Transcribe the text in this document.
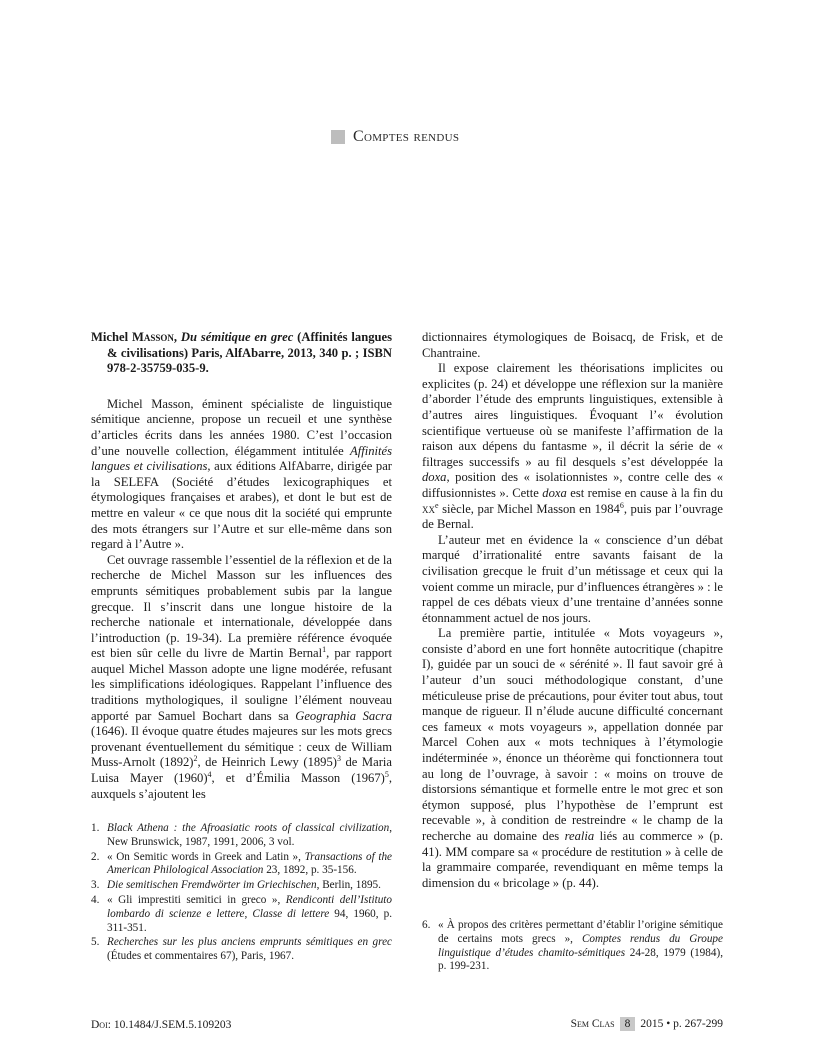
Comptes rendus

Michel Masson, Du sémitique en grec (Affinités langues & civilisations) Paris, AlfAbarre, 2013, 340 p. ; ISBN 978-2-35759-035-9.

Michel Masson, éminent spécialiste de linguistique sémitique ancienne, propose un recueil et une synthèse d’articles écrits dans les années 1980. C’est l’occasion d’une nouvelle collection, élégamment intitulée Affinités langues et civilisations, aux éditions AlfAbarre, dirigée par la SELEFA (Société d’études lexicographiques et étymologiques françaises et arabes), et dont le but est de mettre en valeur « ce que nous dit la société qui emprunte des mots étrangers sur l’Autre et sur elle-même dans son regard à l’Autre ».

Cet ouvrage rassemble l’essentiel de la réflexion et de la recherche de Michel Masson sur les influences des emprunts sémitiques probablement subis par la langue grecque. Il s’inscrit dans une longue histoire de la recherche nationale et internationale, développée dans l’introduction (p. 19-34). La première référence évoquée est bien sûr celle du livre de Martin Bernal$^1$, par rapport auquel Michel Masson adopte une ligne modérée, refusant les simplifications idéologiques. Rappelant l’influence des traditions mythologiques, il souligne l’élément nouveau apporté par Samuel Bochart dans sa Geographia Sacra (1646). Il évoque quatre études majeures sur les mots grecs provenant éventuellement du sémitique : ceux de William Muss-Arnolt $(1892)^2$, de Heinrich Lewy $(1895)^3$ de Maria Luisa Mayer $(1960)^4$, et d’Émilia Masson $(1967)^5$, auxquels s’ajoutent les

dictionnaires étymologiques de Boisacq, de Frisk, et de Chantraine.

Il expose clairement les théorisations implicites ou explicites (p. 24) et développe une réflexion sur la manière d’aborder l’étude des emprunts linguistiques, extensible à d’autres aires linguistiques. Évoquant l’« évolution scientifique vertueuse où se manifeste l’affirmation de la raison aux dépens du fantasme », il décrit la série de « filtrages successifs » au fil desquels s’est développée la doxa, position des « isolationnistes », contre celle des « diffusionnistes ». Cette doxa est remise en cause à la fin du $xx^e$ siècle, par Michel Masson en 1984$^6$, puis par l’ouvrage de Bernal.

L’auteur met en évidence la « conscience d’un débat marqué d’irrationalité entre savants faisant de la civilisation grecque le fruit d’un métissage et ceux qui la voient comme un miracle, pur d’influences étrangères » : le rappel de ces débats vieux d’une trentaine d’années sonne étonnamment actuel de nos jours.

La première partie, intitulée « Mots voyageurs », consiste d’abord en une fort honnête autocritique (chapitre I), guidée par un souci de « sérénité ». Il faut savoir gré à l’auteur d’un souci méthodologique constant, d’une méticuleuse prise de précautions, pour éviter tout abus, tout manque de rigueur. Il n’élude aucune difficulté concernant ces fameux « mots voyageurs », appellation donnée par Marcel Cohen aux « mots techniques à l’étymologie indéterminée », énonce un théorème qui fonctionnera tout au long de l’ouvrage, à savoir : « moins on trouve de distorsions sémantique et formelle entre le mot grec et son étymon supposé, plus l’hypothèse de l’emprunt est recevable », à condition de restreindre « le champ de la recherche au domaine des realia liés au commerce » (p. 41). MM compare sa « procédure de restitution » à celle de la grammaire comparée, revendiquant en même temps la dimension du « bricolage » (p. 44).

1. Black Athena : the Afroasiatic roots of classical civilization, New Brunswick, 1987, 1991, 2006, 3 vol.
2. « On Semitic words in Greek and Latin », Transactions of the American Philological Association 23, 1892, p. 35-156.
3. Die semitischen Fremdwörter im Griechischen, Berlin, 1895.
4. « Gli imprestiti semitici in greco », Rendiconti dell’Istituto lombardo di scienze e lettere, Classe di lettere 94, 1960, p. 311-351.
5. Recherches sur les plus anciens emprunts sémitiques en grec (Études et commentaires 67), Paris, 1967.
6. « À propos des critères permettant d’établir l’origine sémitique de certains mots grecs », Comptes rendus du Groupe linguistique d’études chamito-sémitiques 24-28, 1979 (1984), p. 199-231.
Doi: 10.1484/J.SEM.5.109203	Sem Clas 8 2015 • p. 267-299
